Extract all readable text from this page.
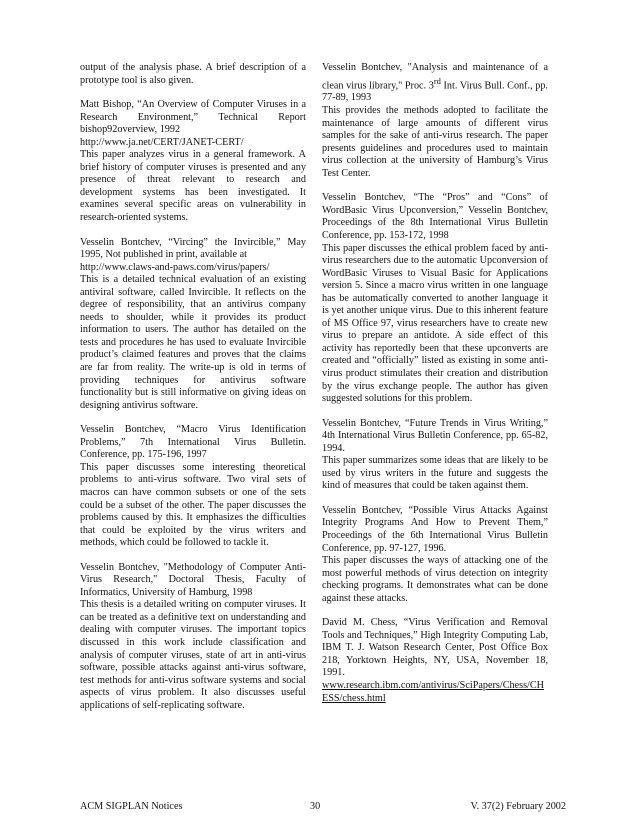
output of the analysis phase. A brief description of a prototype tool is also given.
Matt Bishop, “An Overview of Computer Viruses in a Research Environment,” Technical Report bishop92overview, 1992
http://www.ja.net/CERT/JANET-CERT/
This paper analyzes virus in a general framework. A brief history of computer viruses is presented and any presence of threat relevant to research and development systems has been investigated. It examines several specific areas on vulnerability in research-oriented systems.
Vesselin Bontchev, “Vircing” the Invircible,” May 1995, Not published in print, available at
http://www.claws-and-paws.com/virus/papers/
This is a detailed technical evaluation of an existing antiviral software, called Invircible. It reflects on the degree of responsibility, that an antivirus company needs to shoulder, while it provides its product information to users. The author has detailed on the tests and procedures he has used to evaluate Invircible product’s claimed features and proves that the claims are far from reality. The write-up is old in terms of providing techniques for antivirus software functionality but is still informative on giving ideas on designing antivirus software.
Vesselin Bontchev, “Macro Virus Identification Problems,” 7th International Virus Bulletin. Conference, pp. 175-196, 1997
This paper discusses some interesting theoretical problems to anti-virus software. Two viral sets of macros can have common subsets or one of the sets could be a subset of the other. The paper discusses the problems caused by this. It emphasizes the difficulties that could be exploited by the virus writers and methods, which could be followed to tackle it.
Vesselin Bontchev, "Methodology of Computer Anti-Virus Research," Doctoral Thesis, Faculty of Informatics, University of Hamburg, 1998
This thesis is a detailed writing on computer viruses. It can be treated as a definitive text on understanding and dealing with computer viruses. The important topics discussed in this work include classification and analysis of computer viruses, state of art in anti-virus software, possible attacks against anti-virus software, test methods for anti-virus software systems and social aspects of virus problem. It also discusses useful applications of self-replicating software.
Vesselin Bontchev, "Analysis and maintenance of a clean virus library," Proc. 3rd Int. Virus Bull. Conf., pp. 77-89, 1993
This provides the methods adopted to facilitate the maintenance of large amounts of different virus samples for the sake of anti-virus research. The paper presents guidelines and procedures used to maintain virus collection at the university of Hamburg’s Virus Test Center.
Vesselin Bontchev, “The “Pros” and “Cons” of WordBasic Virus Upconversion,” Vesselin Bontchev, Proceedings of the 8th International Virus Bulletin Conference, pp. 153-172, 1998
This paper discusses the ethical problem faced by anti-virus researchers due to the automatic Upconversion of WordBasic Viruses to Visual Basic for Applications version 5. Since a macro virus written in one language has be automatically converted to another language it is yet another unique virus. Due to this inherent feature of MS Office 97, virus researchers have to create new virus to prepare an antidote. A side effect of this activity has reportedly been that these upconverts are created and “officially” listed as existing in some anti-virus product stimulates their creation and distribution by the virus exchange people. The author has given suggested solutions for this problem.
Vesselin Bontchev, “Future Trends in Virus Writing,” 4th International Virus Bulletin Conference, pp. 65-82, 1994.
This paper summarizes some ideas that are likely to be used by virus writers in the future and suggests the kind of measures that could be taken against them.
Vesselin Bontchev, “Possible Virus Attacks Against Integrity Programs And How to Prevent Them,” Proceedings of the 6th International Virus Bulletin Conference, pp. 97-127, 1996.
This paper discusses the ways of attacking one of the most powerful methods of virus detection on integrity checking programs. It demonstrates what can be done against these attacks.
David M. Chess, “Virus Verification and Removal Tools and Techniques,” High Integrity Computing Lab, IBM T. J. Watson Research Center, Post Office Box 218, Yorktown Heights, NY, USA, November 18, 1991.
www.research.ibm.com/antivirus/SciPapers/Chess/CHESS/chess.html
ACM SIGPLAN Notices	30	V. 37(2) February 2002
